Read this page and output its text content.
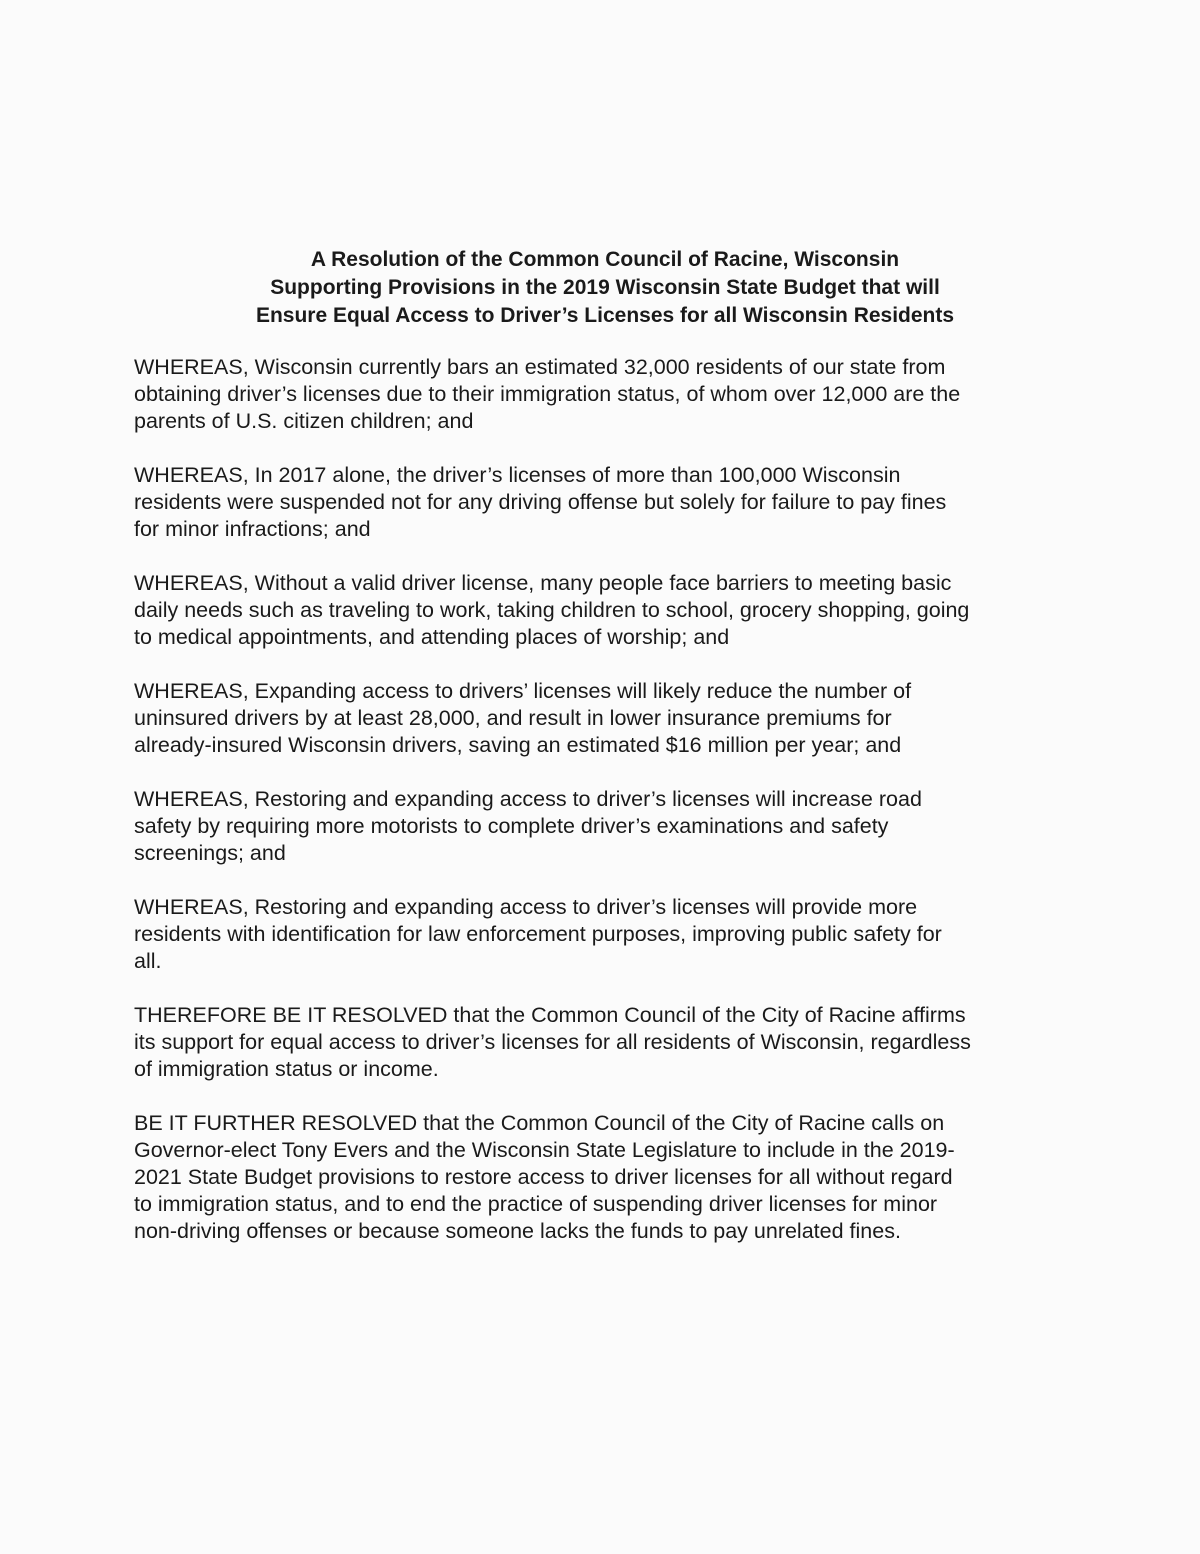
A Resolution of the Common Council of Racine, Wisconsin
Supporting Provisions in the 2019 Wisconsin State Budget that will
Ensure Equal Access to Driver’s Licenses for all Wisconsin Residents

WHEREAS, Wisconsin currently bars an estimated 32,000 residents of our state from
obtaining driver’s licenses due to their immigration status, of whom over 12,000 are the
parents of U.S. citizen children; and

WHEREAS, In 2017 alone, the driver’s licenses of more than 100,000 Wisconsin
residents were suspended not for any driving offense but solely for failure to pay fines
for minor infractions; and

WHEREAS, Without a valid driver license, many people face barriers to meeting basic
daily needs such as traveling to work, taking children to school, grocery shopping, going
to medical appointments, and attending places of worship; and

WHEREAS, Expanding access to drivers’ licenses will likely reduce the number of
uninsured drivers by at least 28,000, and result in lower insurance premiums for
already-insured Wisconsin drivers, saving an estimated $16 million per year; and

WHEREAS, Restoring and expanding access to driver’s licenses will increase road
safety by requiring more motorists to complete driver’s examinations and safety
screenings; and

WHEREAS, Restoring and expanding access to driver’s licenses will provide more
residents with identification for law enforcement purposes, improving public safety for
all.

THEREFORE BE IT RESOLVED that the Common Council of the City of Racine affirms
its support for equal access to driver’s licenses for all residents of Wisconsin, regardless
of immigration status or income.

BE IT FURTHER RESOLVED that the Common Council of the City of Racine calls on
Governor-elect Tony Evers and the Wisconsin State Legislature to include in the 2019-
2021 State Budget provisions to restore access to driver licenses for all without regard
to immigration status, and to end the practice of suspending driver licenses for minor
non-driving offenses or because someone lacks the funds to pay unrelated fines.
